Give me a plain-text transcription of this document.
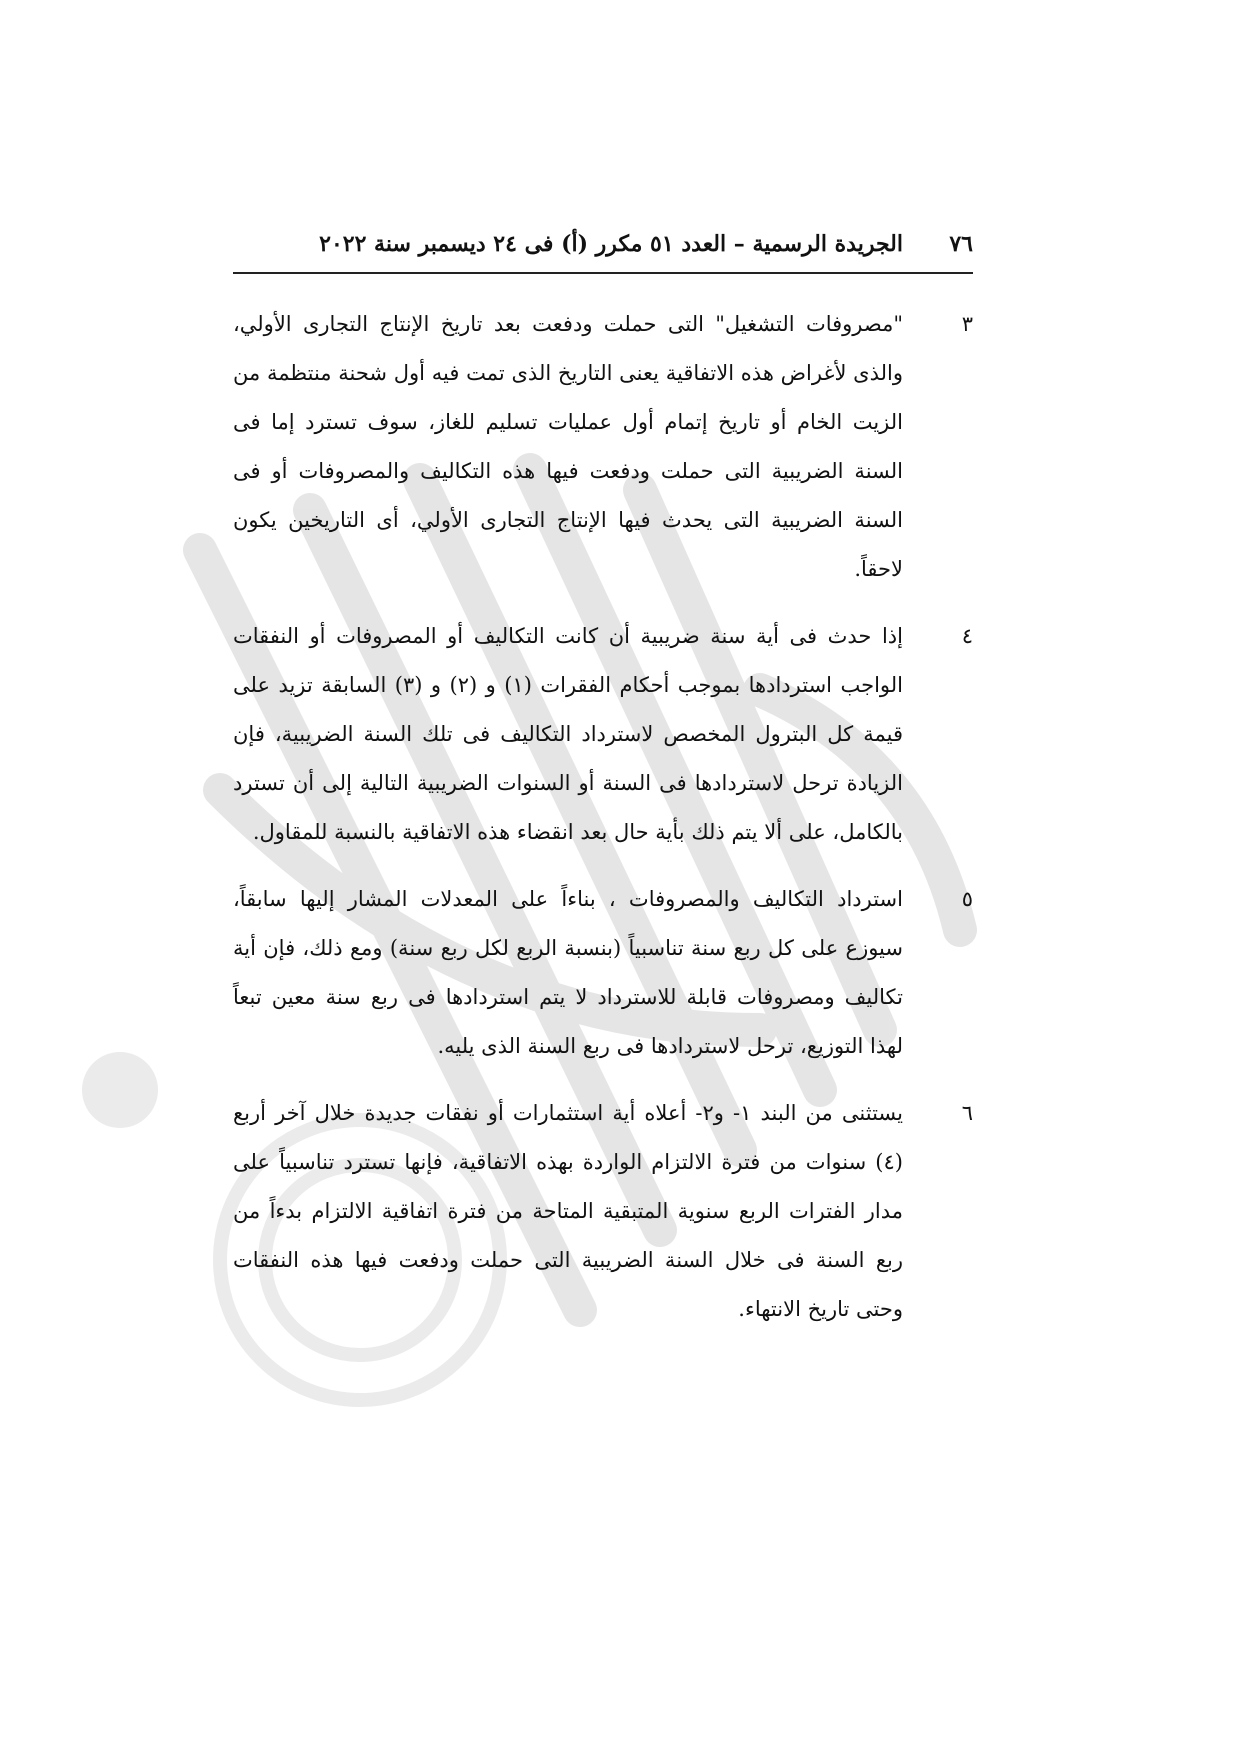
٧٦
الجريدة الرسمية – العدد ٥١ مكرر (أ) فى ٢٤ ديسمبر سنة ٢٠٢٢
٣
"مصروفات التشغيل" التى حملت ودفعت بعد تاريخ الإنتاج التجارى الأولي، والذى لأغراض هذه الاتفاقية يعنى التاريخ الذى تمت فيه أول شحنة منتظمة من الزيت الخام أو تاريخ إتمام أول عمليات تسليم للغاز، سوف تسترد إما فى السنة الضريبية التى حملت ودفعت فيها هذه التكاليف والمصروفات أو فى السنة الضريبية التى يحدث فيها الإنتاج التجارى الأولي، أى التاريخين يكون لاحقاً.
٤
إذا حدث فى أية سنة ضريبية أن كانت التكاليف أو المصروفات أو النفقات الواجب استردادها بموجب أحكام الفقرات (١) و (٢) و (٣) السابقة تزيد على قيمة كل البترول المخصص لاسترداد التكاليف فى تلك السنة الضريبية، فإن الزيادة ترحل لاستردادها فى السنة أو السنوات الضريبية التالية إلى أن تسترد بالكامل، على ألا يتم ذلك بأية حال بعد انقضاء هذه الاتفاقية بالنسبة للمقاول.
٥
استرداد التكاليف والمصروفات ، بناءاً على المعدلات المشار إليها سابقاً، سيوزع على كل ربع سنة تناسبياً (بنسبة الربع لكل ربع سنة) ومع ذلك، فإن أية تكاليف ومصروفات قابلة للاسترداد لا يتم استردادها فى ربع سنة معين تبعاً لهذا التوزيع، ترحل لاستردادها فى ربع السنة الذى يليه.
٦
يستثنى من البند ١- و٢- أعلاه أية استثمارات أو نفقات جديدة خلال آخر أربع (٤) سنوات من فترة الالتزام الواردة بهذه الاتفاقية، فإنها تسترد تناسبياً على مدار الفترات الربع سنوية المتبقية المتاحة من فترة اتفاقية الالتزام بدءاً من ربع السنة فى خلال السنة الضريبية التى حملت ودفعت فيها هذه النفقات وحتى تاريخ الانتهاء.
